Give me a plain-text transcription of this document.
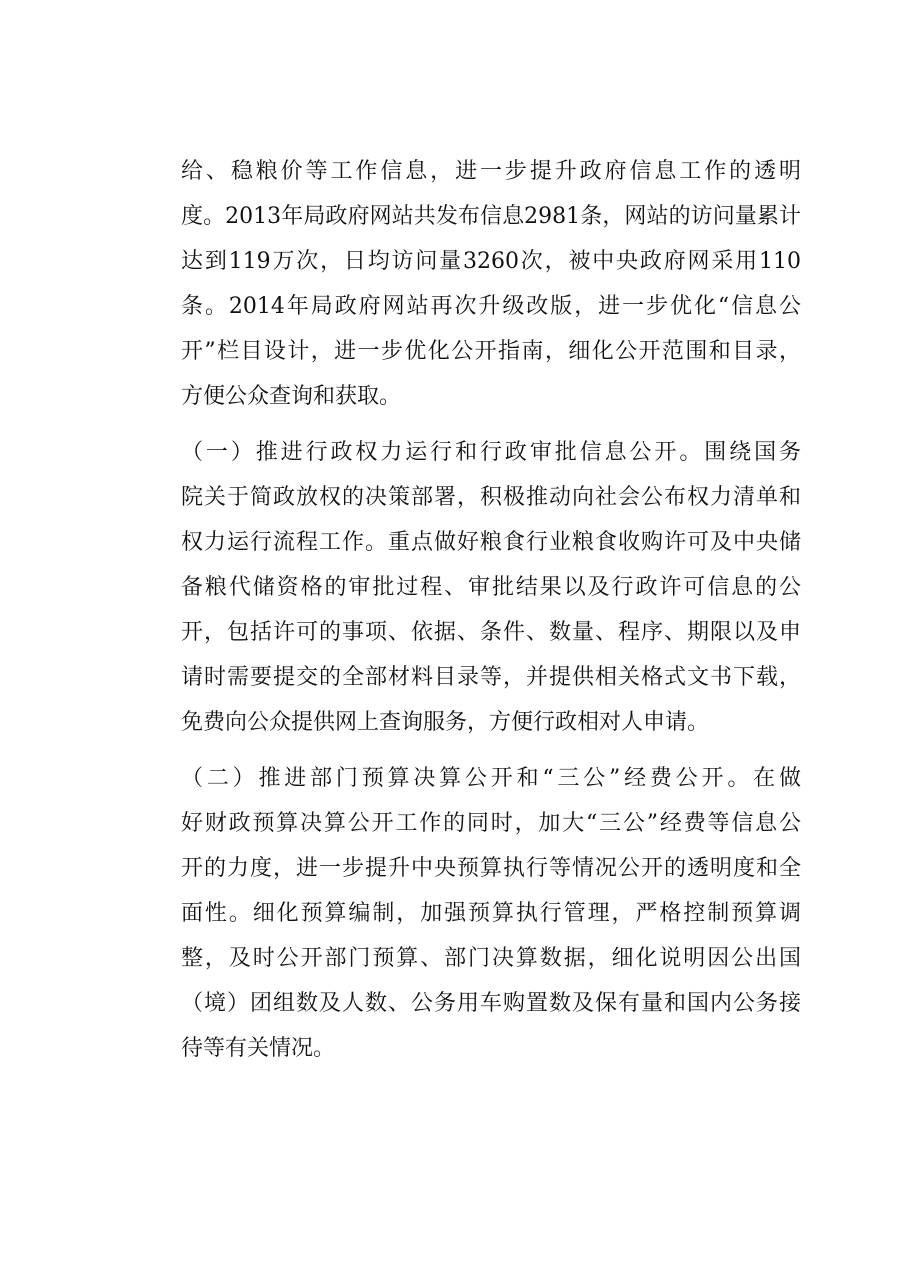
给、稳粮价等工作信息，进一步提升政府信息工作的透明
度。2013年局政府网站共发布信息2981条，网站的访问量累计
达到119万次，日均访问量3260次，被中央政府网采用110
条。2014年局政府网站再次升级改版，进一步优化“信息公
开”栏目设计，进一步优化公开指南，细化公开范围和目录，
方便公众查询和获取。
（一）推进行政权力运行和行政审批信息公开。围绕国务
院关于简政放权的决策部署，积极推动向社会公布权力清单和
权力运行流程工作。重点做好粮食行业粮食收购许可及中央储
备粮代储资格的审批过程、审批结果以及行政许可信息的公
开，包括许可的事项、依据、条件、数量、程序、期限以及申
请时需要提交的全部材料目录等，并提供相关格式文书下载，
免费向公众提供网上查询服务，方便行政相对人申请。
（二）推进部门预算决算公开和“三公”经费公开。在做
好财政预算决算公开工作的同时，加大“三公”经费等信息公
开的力度，进一步提升中央预算执行等情况公开的透明度和全
面性。细化预算编制，加强预算执行管理，严格控制预算调
整，及时公开部门预算、部门决算数据，细化说明因公出国
（境）团组数及人数、公务用车购置数及保有量和国内公务接
待等有关情况。
